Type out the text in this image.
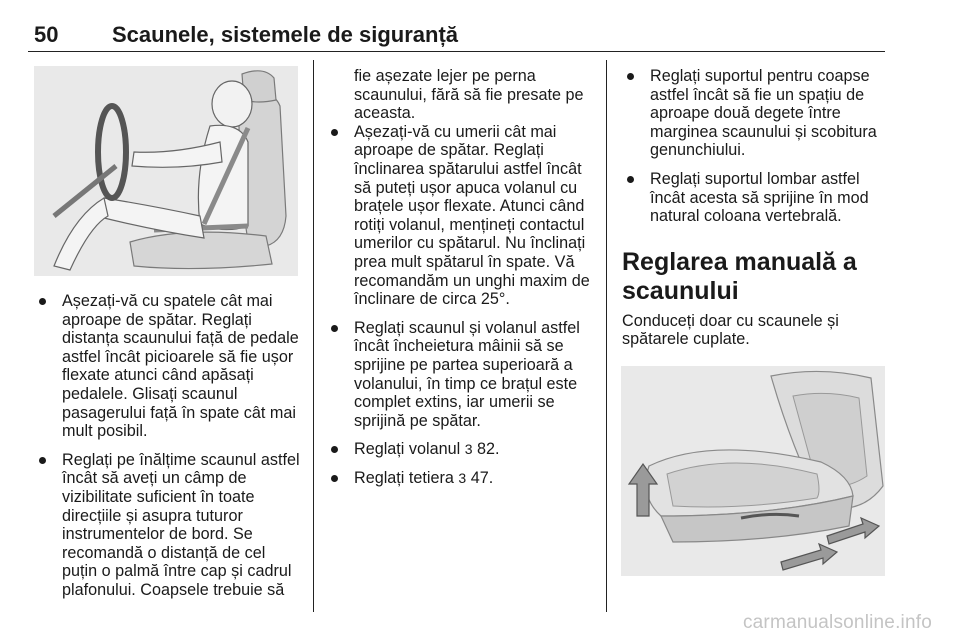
50 Scaunele, sistemele de siguranță

Așezați-vă cu spatele cât mai
aproape de spătar. Reglați
distanța scaunului față de pedale
astfel încât picioarele să fie ușor
flexate atunci când apăsați
pedalele. Glisați scaunul
pasagerului față în spate cât mai
mult posibil.

Reglați pe înălțime scaunul astfel
încât să aveți un câmp de
vizibilitate suficient în toate
direcțiile și asupra tuturor
instrumentelor de bord. Se
recomandă o distanță de cel
puțin o palmă între cap și cadrul
plafonului. Coapsele trebuie să

fie așezate lejer pe perna
scaunului, fără să fie presate pe
aceasta.

Așezați-vă cu umerii cât mai
aproape de spătar. Reglați
înclinarea spătarului astfel încât
să puteți ușor apuca volanul cu
brațele ușor flexate. Atunci când
rotiți volanul, mențineți contactul
umerilor cu spătarul. Nu înclinați
prea mult spătarul în spate. Vă
recomandăm un unghi maxim de
înclinare de circa 25°.

Reglați scaunul și volanul astfel
încât încheietura mâinii să se
sprijine pe partea superioară a
volanului, în timp ce brațul este
complet extins, iar umerii se
sprijină pe spătar.

Reglați volanul 3 82.

Reglați tetiera 3 47.

Reglați suportul pentru coapse
astfel încât să fie un spațiu de
aproape două degete între
marginea scaunului și scobitura
genunchiului.

Reglați suportul lombar astfel
încât acesta să sprijine în mod
natural coloana vertebrală.

Reglarea manuală a
scaunului

Conduceți doar cu scaunele și
spătarele cuplate.

carmanualsonline.info
